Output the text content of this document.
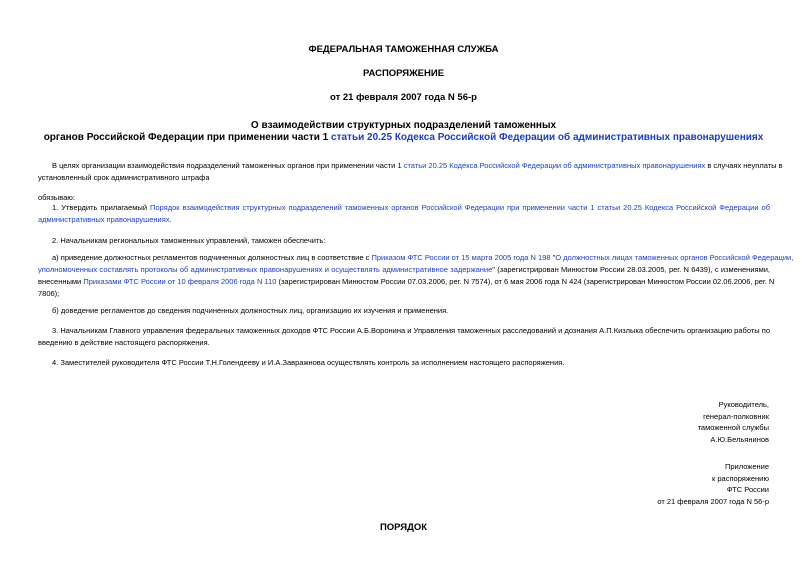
ФЕДЕРАЛЬНАЯ ТАМОЖЕННАЯ СЛУЖБА
РАСПОРЯЖЕНИЕ
от 21 февраля 2007 года N 56-р
О взаимодействии структурных подразделений таможенных
органов Российской Федерации при применении части 1 статьи 20.25 Кодекса Российской Федерации об административных правонарушениях
В целях организации взаимодействия подразделений таможенных органов при применении части 1 статьи 20.25 Кодекса Российской Федерации об административных правонарушениях в случаях неуплаты в
установленный срок административного штрафа
обязываю:
1. Утвердить прилагаемый Порядок взаимодействия структурных подразделений таможенных органов Российской Федерации при применении части 1 статьи 20.25 Кодекса Российской Федерации об
административных правонарушениях.
2. Начальникам региональных таможенных управлений, таможен обеспечить:
а) приведение должностных регламентов подчиненных должностных лиц в соответствие с Приказом ФТС России от 15 марта 2005 года N 198 "О должностных лицах таможенных органов Российской Федерации,
уполномоченных составлять протоколы об административных правонарушениях и осуществлять административное задержание" (зарегистрирован Минюстом России 28.03.2005, рег. N 6439), с изменениями,
внесенными Приказами ФТС России от 10 февраля 2006 года N 110 (зарегистрирован Минюстом России 07.03.2006, рег. N 7574), от 6 мая 2006 года N 424 (зарегистрирован Минюстом России 02.06.2006, рег. N
7806);
б) доведение регламентов до сведения подчиненных должностных лиц, организацию их изучения и применения.
3. Начальникам Главного управления федеральных таможенных доходов ФТС России А.Б.Воронина и Управления таможенных расследований и дознания А.П.Кизлыка обеспечить организацию работы по
введению в действие настоящего распоряжения.
4. Заместителей руководителя ФТС России Т.Н.Голендееву и И.А.Завражнова осуществлять контроль за исполнением настоящего распоряжения.
Руководитель,
генерал-полковник
таможенной службы
А.Ю.Бельянинов
Приложение
к распоряжению
ФТС России
от 21 февраля 2007 года N 56-р
ПОРЯДОК
